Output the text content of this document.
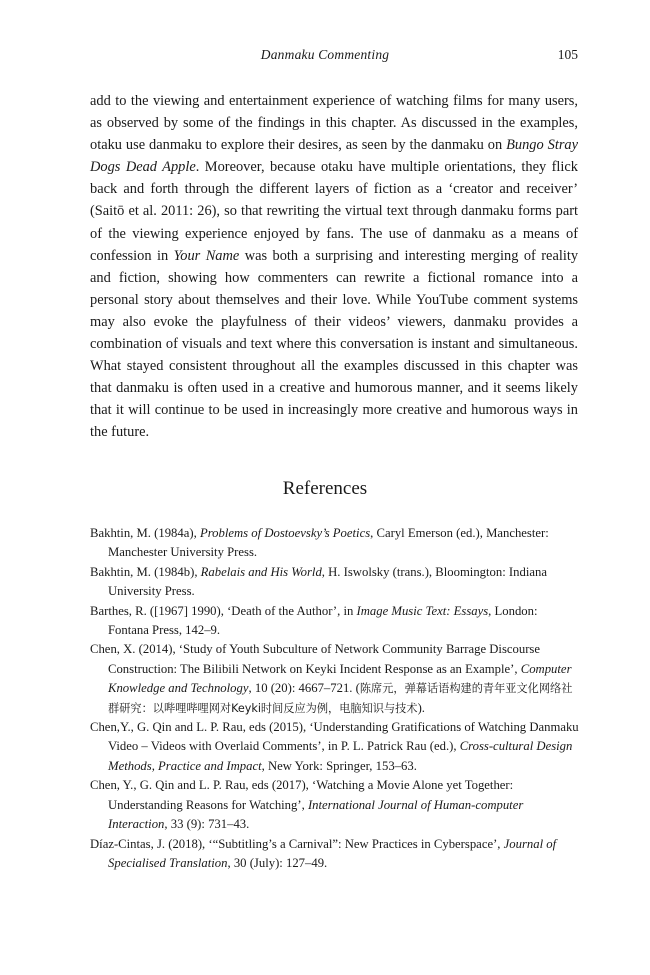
Danmaku Commenting	105

add to the viewing and entertainment experience of watching films for many users, as observed by some of the findings in this chapter. As discussed in the examples, otaku use danmaku to explore their desires, as seen by the danmaku on Bungo Stray Dogs Dead Apple. Moreover, because otaku have multiple orientations, they flick back and forth through the different layers of fiction as a ‘creator and receiver’ (Saitō et al. 2011: 26), so that rewriting the virtual text through danmaku forms part of the viewing experience enjoyed by fans. The use of danmaku as a means of confession in Your Name was both a surprising and interesting merging of reality and fiction, showing how commenters can rewrite a fictional romance into a personal story about themselves and their love. While YouTube comment systems may also evoke the playfulness of their videos’ viewers, danmaku provides a combination of visuals and text where this conversation is instant and simultaneous. What stayed consistent throughout all the examples discussed in this chapter was that danmaku is often used in a creative and humorous manner, and it seems likely that it will continue to be used in increasingly more creative and humorous ways in the future.

References
Bakhtin, M. (1984a), Problems of Dostoevsky’s Poetics, Caryl Emerson (ed.), Manchester: Manchester University Press.
Bakhtin, M. (1984b), Rabelais and His World, H. Iswolsky (trans.), Bloomington: Indiana University Press.
Barthes, R. ([1967] 1990), ‘Death of the Author’, in Image Music Text: Essays, London: Fontana Press, 142–9.
Chen, X. (2014), ‘Study of Youth Subculture of Network Community Barrage Discourse Construction: The Bilibili Network on Keyki Incident Response as an Example’, Computer Knowledge and Technology, 10 (20): 4667–721. (陈席元，弹幕话语构建的青年亚文化网络社群研究：以哔哩哔哩网对Keyki时间反应为例，电脑知识与技术).
Chen,Y., G. Qin and L. P. Rau, eds (2015), ‘Understanding Gratifications of Watching Danmaku Video – Videos with Overlaid Comments’, in P. L. Patrick Rau (ed.), Cross-cultural Design Methods, Practice and Impact, New York: Springer, 153–63.
Chen, Y., G. Qin and L. P. Rau, eds (2017), ‘Watching a Movie Alone yet Together: Understanding Reasons for Watching’, International Journal of Human-computer Interaction, 33 (9): 731–43.
Díaz-Cintas, J. (2018), ‘“Subtitling’s a Carnival”: New Practices in Cyberspace’, Journal of Specialised Translation, 30 (July): 127–49.
